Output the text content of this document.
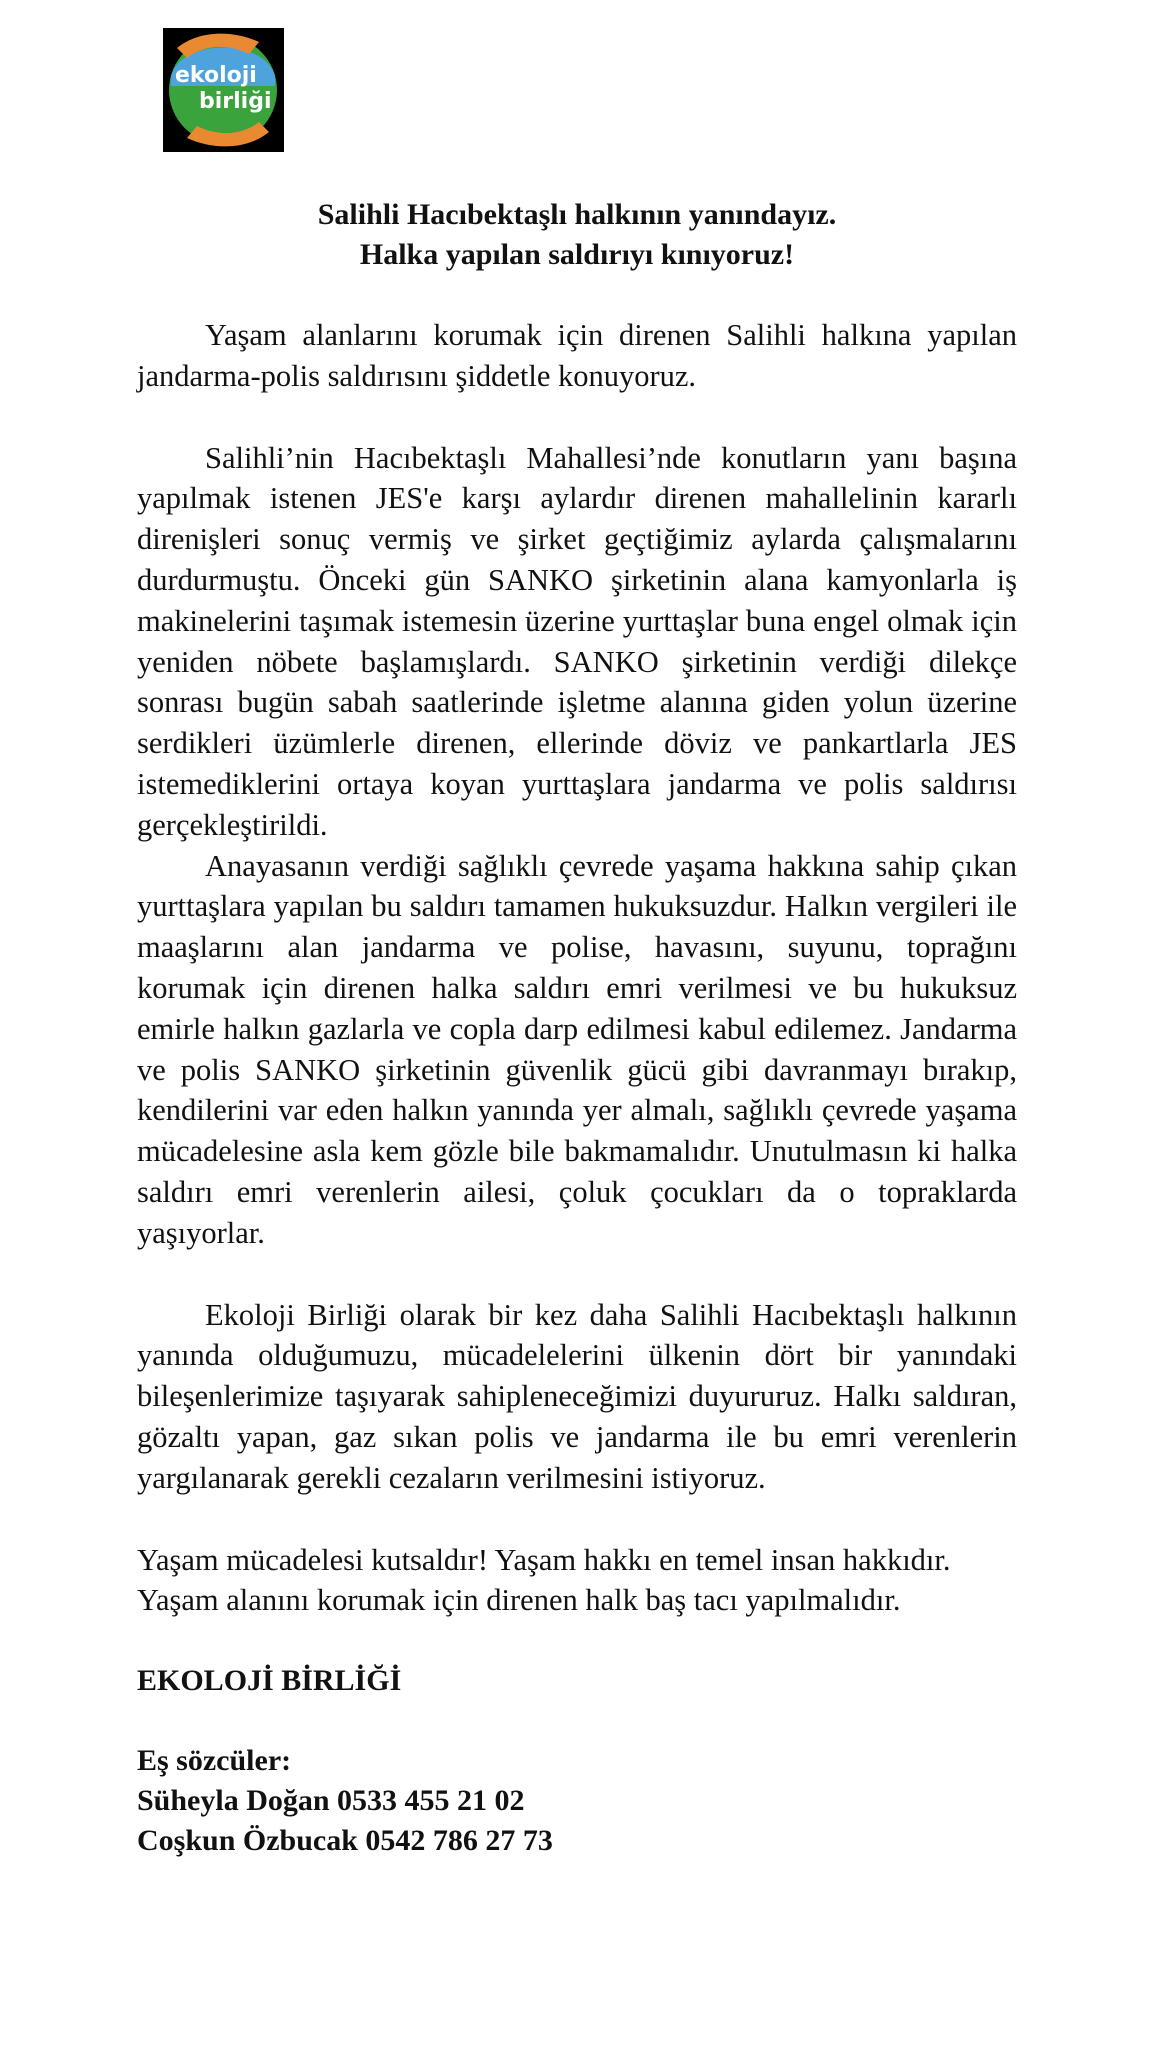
ekoloji
birliği
Salihli Hacıbektaşlı halkının yanındayız.
Halka yapılan saldırıyı kınıyoruz!

Yaşam alanlarını korumak için direnen Salihli halkına yapılan jandarma-polis saldırısını şiddetle konuyoruz.

Salihli’nin Hacıbektaşlı Mahallesi’nde konutların yanı başına yapılmak istenen JES'e karşı aylardır direnen mahallelinin kararlı direnişleri sonuç vermiş ve şirket geçtiğimiz aylarda çalışmalarını durdurmuştu. Önceki gün SANKO şirketinin alana kamyonlarla iş makinelerini taşımak istemesin üzerine yurttaşlar buna engel olmak için yeniden nöbete başlamışlardı. SANKO şirketinin verdiği dilekçe sonrası bugün sabah saatlerinde işletme alanına giden yolun üzerine serdikleri üzümlerle direnen, ellerinde döviz ve pankartlarla JES istemediklerini ortaya koyan yurttaşlara jandarma ve polis saldırısı gerçekleştirildi.

Anayasanın verdiği sağlıklı çevrede yaşama hakkına sahip çıkan yurttaşlara yapılan bu saldırı tamamen hukuksuzdur. Halkın vergileri ile maaşlarını alan jandarma ve polise, havasını, suyunu, toprağını korumak için direnen halka saldırı emri verilmesi ve bu hukuksuz emirle halkın gazlarla ve copla darp edilmesi kabul edilemez. Jandarma ve polis SANKO şirketinin güvenlik gücü gibi davranmayı bırakıp, kendilerini var eden halkın yanında yer almalı, sağlıklı çevrede yaşama mücadelesine asla kem gözle bile bakmamalıdır. Unutulmasın ki halka saldırı emri verenlerin ailesi, çoluk çocukları da o topraklarda yaşıyorlar.

Ekoloji Birliği olarak bir kez daha Salihli Hacıbektaşlı halkının yanında olduğumuzu, mücadelelerini ülkenin dört bir yanındaki bileşenlerimize taşıyarak sahipleneceğimizi duyururuz. Halkı saldıran, gözaltı yapan, gaz sıkan polis ve jandarma ile bu emri verenlerin yargılanarak gerekli cezaların verilmesini istiyoruz.

Yaşam mücadelesi kutsaldır! Yaşam hakkı en temel insan hakkıdır.

Yaşam alanını korumak için direnen halk baş tacı yapılmalıdır.

EKOLOJİ BİRLİĞİ
Eş sözcüler:
Süheyla Doğan 0533 455 21 02
Coşkun Özbucak 0542 786 27 73
